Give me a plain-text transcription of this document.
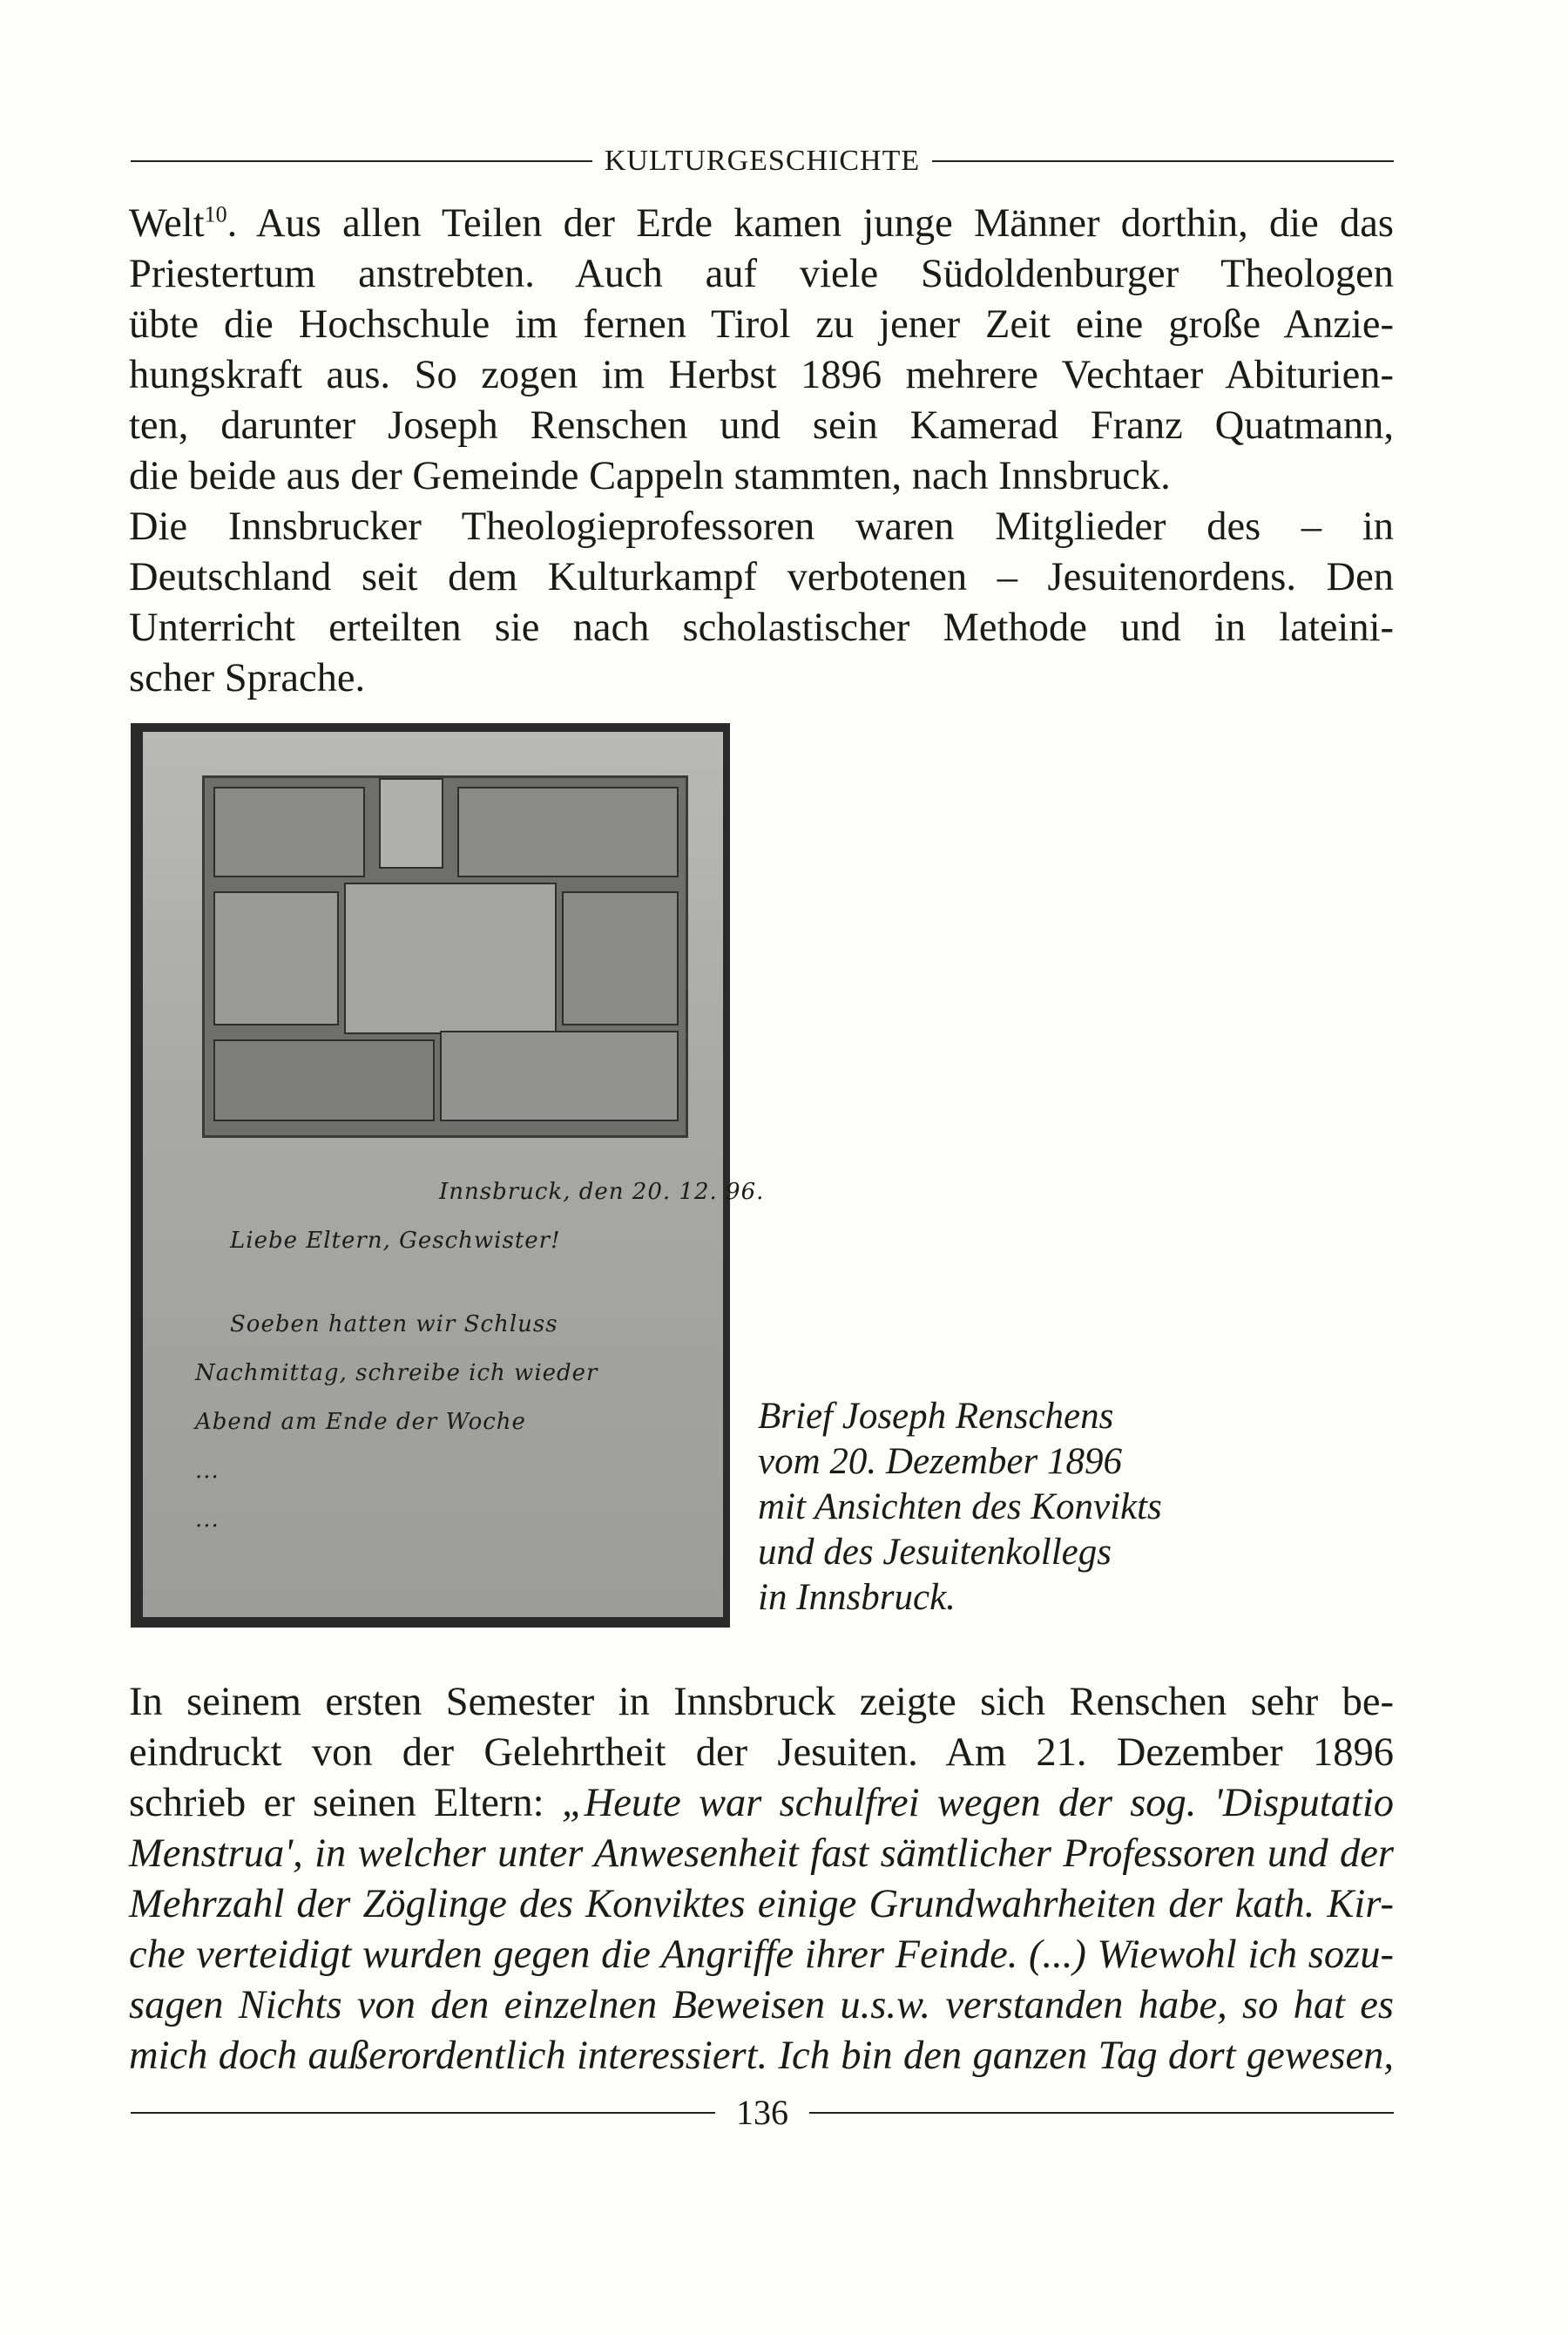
KULTURGESCHICHTE

Welt$^{10}$. Aus allen Teilen der Erde kamen junge Männer dorthin, die das
Priestertum anstrebten. Auch auf viele Südoldenburger Theologen
übte die Hochschule im fernen Tirol zu jener Zeit eine große Anzie-
hungskraft aus. So zogen im Herbst 1896 mehrere Vechtaer Abiturien-
ten, darunter Joseph Renschen und sein Kamerad Franz Quatmann,
die beide aus der Gemeinde Cappeln stammten, nach Innsbruck.

Die Innsbrucker Theologieprofessoren waren Mitglieder des – in
Deutschland seit dem Kulturkampf verbotenen – Jesuitenordens. Den
Unterricht erteilten sie nach scholastischer Methode und in lateini-
scher Sprache.

Innsbruck, den 20. 12. 96.
Liebe Eltern, Geschwister!
Soeben hatten wir Schluss
Nachmittag, schreibe ich wieder
Abend am Ende der Woche
...
...
Brief Joseph Renschens
vom 20. Dezember 1896
mit Ansichten des Konvikts
und des Jesuitenkollegs
in Innsbruck.

In seinem ersten Semester in Innsbruck zeigte sich Renschen sehr be-
eindruckt von der Gelehrtheit der Jesuiten. Am 21. Dezember 1896
schrieb er seinen Eltern: „Heute war schulfrei wegen der sog. 'Disputatio
Menstrua', in welcher unter Anwesenheit fast sämtlicher Professoren und der
Mehrzahl der Zöglinge des Konviktes einige Grundwahrheiten der kath. Kir-
che verteidigt wurden gegen die Angriffe ihrer Feinde. (...) Wiewohl ich sozu-
sagen Nichts von den einzelnen Beweisen u.s.w. verstanden habe, so hat es
mich doch außerordentlich interessiert. Ich bin den ganzen Tag dort gewesen,

136
